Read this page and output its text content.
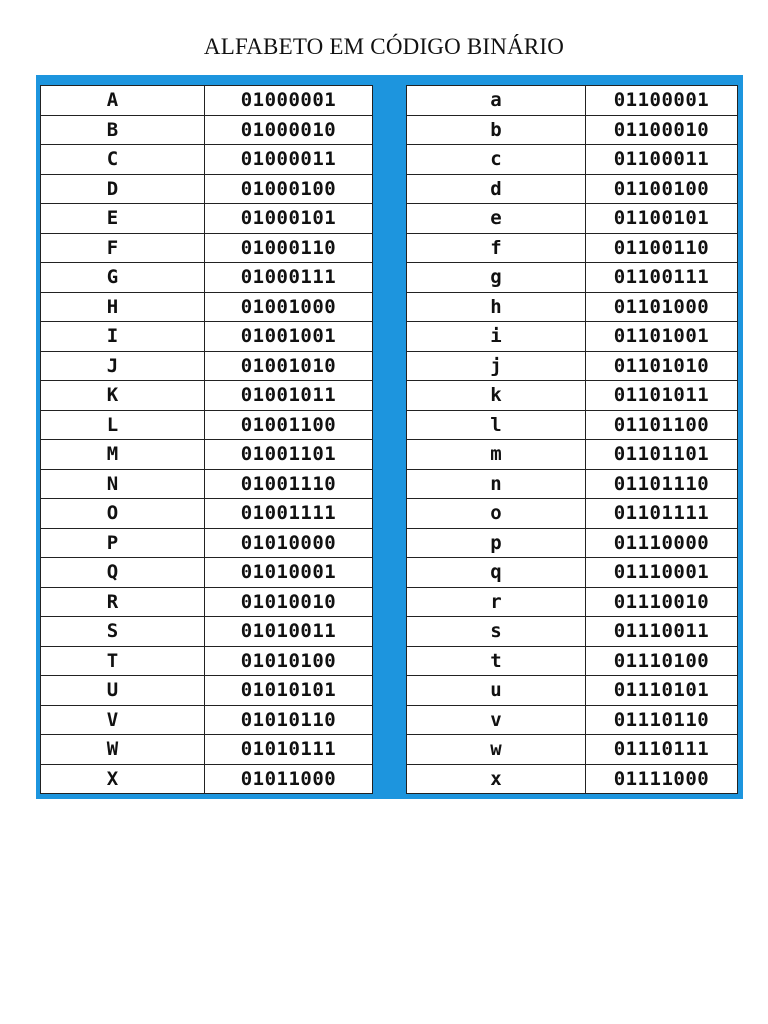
ALFABETO EM CÓDIGO BINÁRIO
A	01000001
B	01000010
C	01000011
D	01000100
E	01000101
F	01000110
G	01000111
H	01001000
I	01001001
J	01001010
K	01001011
L	01001100
M	01001101
N	01001110
O	01001111
P	01010000
Q	01010001
R	01010010
S	01010011
T	01010100
U	01010101
V	01010110
W	01010111
X	01011000
a	01100001
b	01100010
c	01100011
d	01100100
e	01100101
f	01100110
g	01100111
h	01101000
i	01101001
j	01101010
k	01101011
l	01101100
m	01101101
n	01101110
o	01101111
p	01110000
q	01110001
r	01110010
s	01110011
t	01110100
u	01110101
v	01110110
w	01110111
x	01111000
